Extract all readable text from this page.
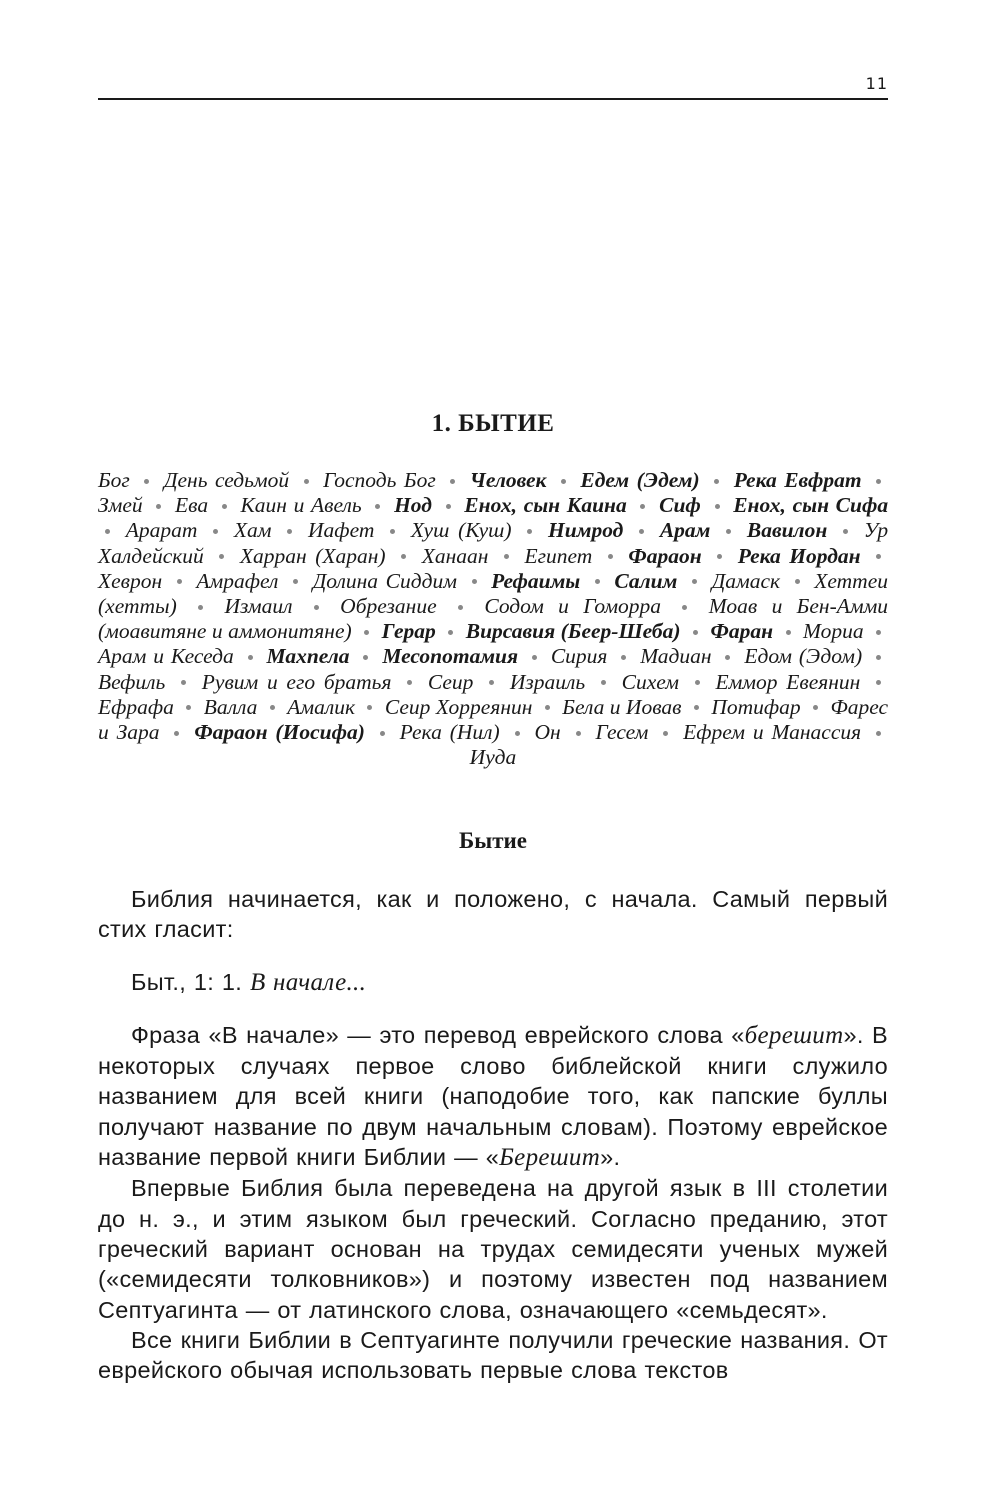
11
1. БЫТИЕ
Бог День седьмой Господь Бог Человек Едем (Эдем) Река Евфрат  Змей Ева Каин и Авель Нод Енох, сын Каина Сиф Енох, сын Сифа  Арарат Хам Иафет Хуш (Куш) Нимрод Арам Вавилон Ур Халдейский Харран (Харан) Ханаан Египет Фараон Река Иордан  Хеврон Амрафел Долина Сиддим Рефаимы Салим Дамаск Хеттеи (хетты) Измаил Обрезание Содом и Гоморра Моав и Бен-Амми (моавитяне и аммонитяне) Герар Вирсавия (Беер-Шеба) Фаран Мориа  Арам и Кеседа Махпела Месопотамия Сирия Мадиан Едом (Эдом)  Вефиль Рувим и его братья Сеир Израиль Сихем Еммор Евеянин  Ефрафа Валла Амалик Сеир Хорреянин Бела и Иовав Потифар Фарес и Зара Фараон (Иосифа) Река (Нил) Он Гесем Ефрем и Манассия  Иуда
Бытие

Библия начинается, как и положено, с начала. Самый первый стих гласит:

Быт., 1: 1. В начале...

Фраза «В начале» — это перевод еврейского слова «берешит». В некоторых случаях первое слово библейской книги служило названием для всей книги (наподобие того, как папские буллы получают название по двум начальным словам). Поэтому еврейское название первой книги Библии — «Берешит».

Впервые Библия была переведена на другой язык в III столетии до н. э., и этим языком был греческий. Согласно преданию, этот греческий вариант основан на трудах семидесяти ученых мужей («семидесяти толковников») и поэтому известен под названием Септуагинта — от латинского слова, означающего «семьдесят».

Все книги Библии в Септуагинте получили греческие названия. От еврейского обычая использовать первые слова текстов
